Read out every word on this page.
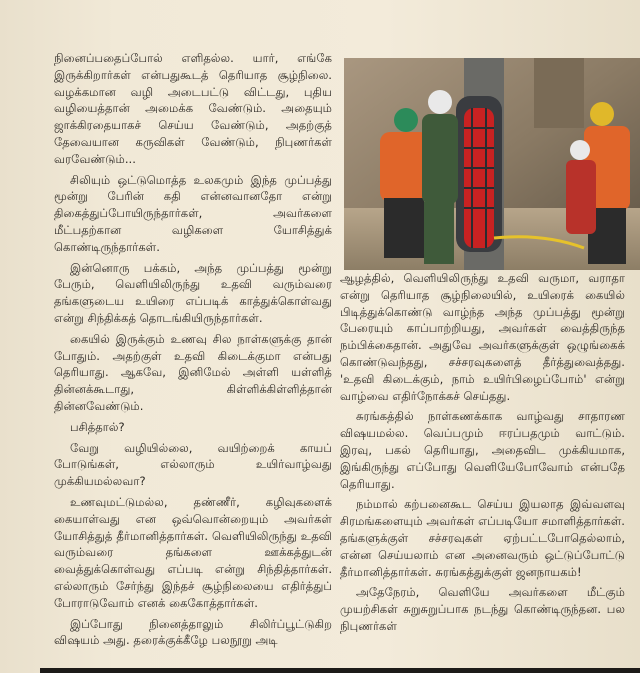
நினைப்பதைப்போல் எளிதல்ல. யார், எங்கே இருக்கிறார்கள் என்பதுகூடத் தெரியாத சூழ்நிலை. வழக்கமான வழி அடைபட்டு விட்டது, புதிய வழியைத்தான் அமைக்க வேண்டும். அதையும் ஜாக்கிரதையாகச் செய்ய வேண்டும், அதற்குத் தேவையான கருவிகள் வேண்டும், நிபுணர்கள் வரவேண்டும்...

சிலியும் ஒட்டுமொத்த உலகமும் இந்த முப்பத்து மூன்று பேரின் கதி என்னவானதோ என்று திகைத்துப்போயிருந்தார்கள், அவர்களை மீட்பதற்கான வழிகளை யோசித்துக் கொண்டிருந்தார்கள்.

இன்னொரு பக்கம், அந்த முப்பத்து மூன்று பேரும், வெளியிலிருந்து உதவி வரும்வரை தங்களுடைய உயிரை எப்படிக் காத்துக்கொள்வது என்று சிந்திக்கத் தொடங்கியிருந்தார்கள்.

கையில் இருக்கும் உணவு சில நாள்களுக்கு தான் போதும். அதற்குள் உதவி கிடைக்குமா என்பது தெரியாது. ஆகவே, இனிமேல் அள்ளி யள்ளித் தின்னக்கூடாது, கிள்ளிக்கிள்ளித்தான் தின்னவேண்டும்.

பசித்தால்?

வேறு வழியில்லை, வயிற்றைக் காயப் போடுங்கள், எல்லாரும் உயிர்வாழ்வது முக்கியமல்லவா?

உணவுமட்டுமல்ல, தண்ணீர், கழிவுகளைக் கையாள்வது என ஒவ்வொன்றையும் அவர்கள் யோசித்துத் தீர்மானித்தார்கள். வெளியிலிருந்து உதவி வரும்வரை தங்களை ஊக்கத்துடன் வைத்துக்கொள்வது எப்படி என்று சிந்தித்தார்கள். எல்லாரும் சேர்ந்து இந்தச் சூழ்நிலையை எதிர்த்துப் போராடுவோம் எனக் கைகோத்தார்கள்.

இப்போது நினைத்தாலும் சிலிர்ப்பூட்டுகிற விஷயம் அது. தரைக்குக்கீழே பலநூறு அடி

ஆழத்தில், வெளியிலிருந்து உதவி வருமா, வராதா என்று தெரியாத சூழ்நிலையில், உயிரைக் கையில் பிடித்துக்கொண்டு வாழ்ந்த அந்த முப்பத்து மூன்று பேரையும் காப்பாற்றியது, அவர்கள் வைத்திருந்த நம்பிக்கைதான். அதுவே அவர்களுக்குள் ஒழுங்கைக் கொண்டுவந்தது, சச்சரவுகளைத் தீர்த்துவைத்தது. 'உதவி கிடைக்கும், நாம் உயிர்பிழைப்போம்' என்று வாழ்வை எதிர்நோக்கச் செய்தது.

சுரங்கத்தில் நாள்கணக்காக வாழ்வது சாதாரண விஷயமல்ல. வெப்பமும் ஈரப்பதமும் வாட்டும். இரவு, பகல் தெரியாது, அதைவிட முக்கியமாக, இங்கிருந்து எப்போது வெளியேபோவோம் என்பதே தெரியாது.

நம்மால் கற்பனைகூட செய்ய இயலாத இவ்வளவு சிரமங்களையும் அவர்கள் எப்படியோ சமாளித்தார்கள். தங்களுக்குள் சச்சரவுகள் ஏற்பட்டபோதெல்லாம், என்ன செய்யலாம் என அனைவரும் ஒட்டுப்போட்டு தீர்மானித்தார்கள். சுரங்கத்துக்குள் ஜனநாயகம்!

அதேநேரம், வெளியே அவர்களை மீட்கும் முயற்சிகள் சுறுசுறுப்பாக நடந்து கொண்டிருந்தன. பல நிபுணர்கள்
